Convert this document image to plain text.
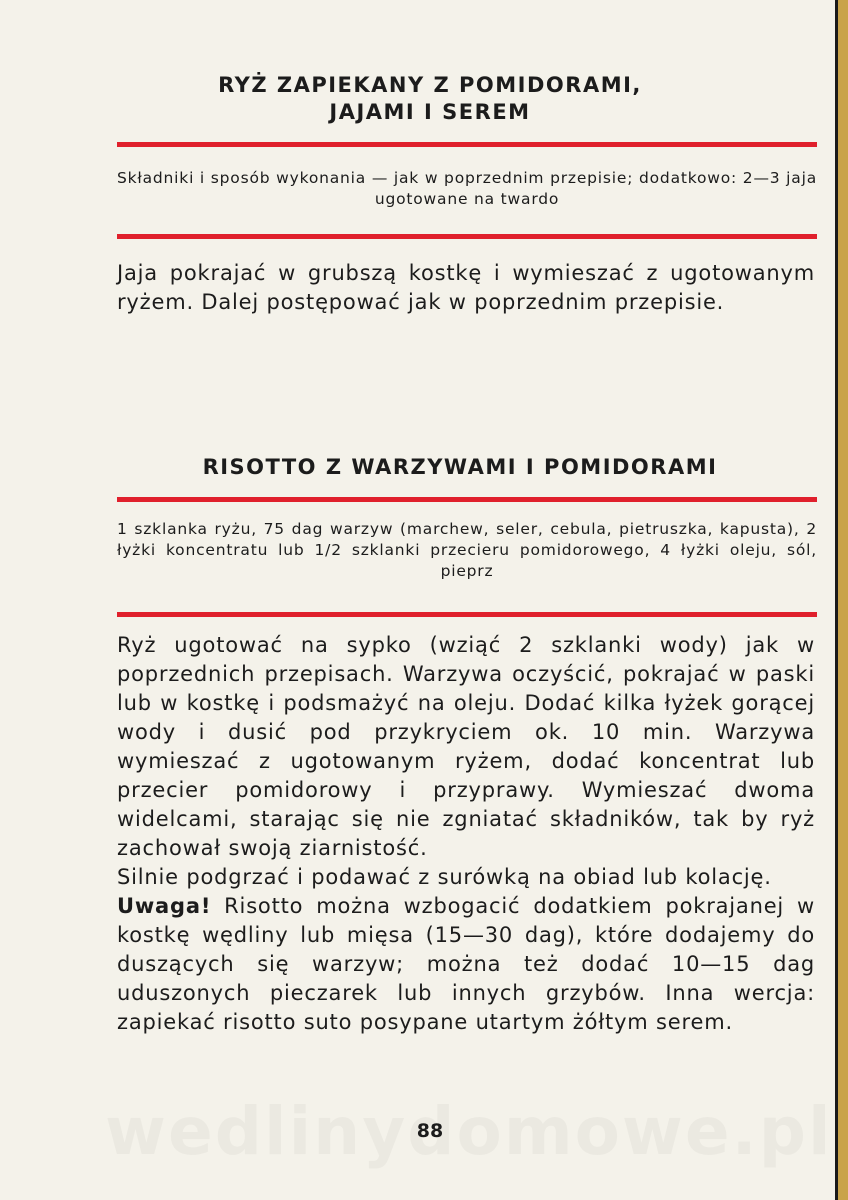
RYŻ ZAPIEKANY Z POMIDORAMI,
JAJAMI I SEREM

Składniki i sposób wykonania — jak w poprzednim przepisie; dodatkowo: 2—3 jaja ugotowane na twardo

Jaja pokrajać w grubszą kostkę i wymieszać z ugotowanym ryżem. Dalej postępować jak w poprzednim przepisie.

RISOTTO Z WARZYWAMI I POMIDORAMI

1 szklanka ryżu, 75 dag warzyw (marchew, seler, cebula, pietruszka, kapusta), 2 łyżki koncentratu lub 1/2 szklanki przecieru pomidorowego, 4 łyżki oleju, sól, pieprz

Ryż ugotować na sypko (wziąć 2 szklanki wody) jak w poprzednich przepisach. Warzywa oczyścić, pokrajać w paski lub w kostkę i podsmażyć na oleju. Dodać kilka łyżek gorącej wody i dusić pod przykryciem ok. 10 min. Warzywa wymieszać z ugotowanym ryżem, dodać koncentrat lub przecier pomidorowy i przyprawy. Wymieszać dwoma widelcami, starając się nie zgniatać składników, tak by ryż zachował swoją ziarnistość.

Silnie podgrzać i podawać z surówką na obiad lub kolację.

Uwaga! Risotto można wzbogacić dodatkiem pokrajanej w kostkę wędliny lub mięsa (15—30 dag), które dodajemy do duszących się warzyw; można też dodać 10—15 dag uduszonych pieczarek lub innych grzybów. Inna wercja: zapiekać risotto suto posypane utartym żółtym serem.

88
